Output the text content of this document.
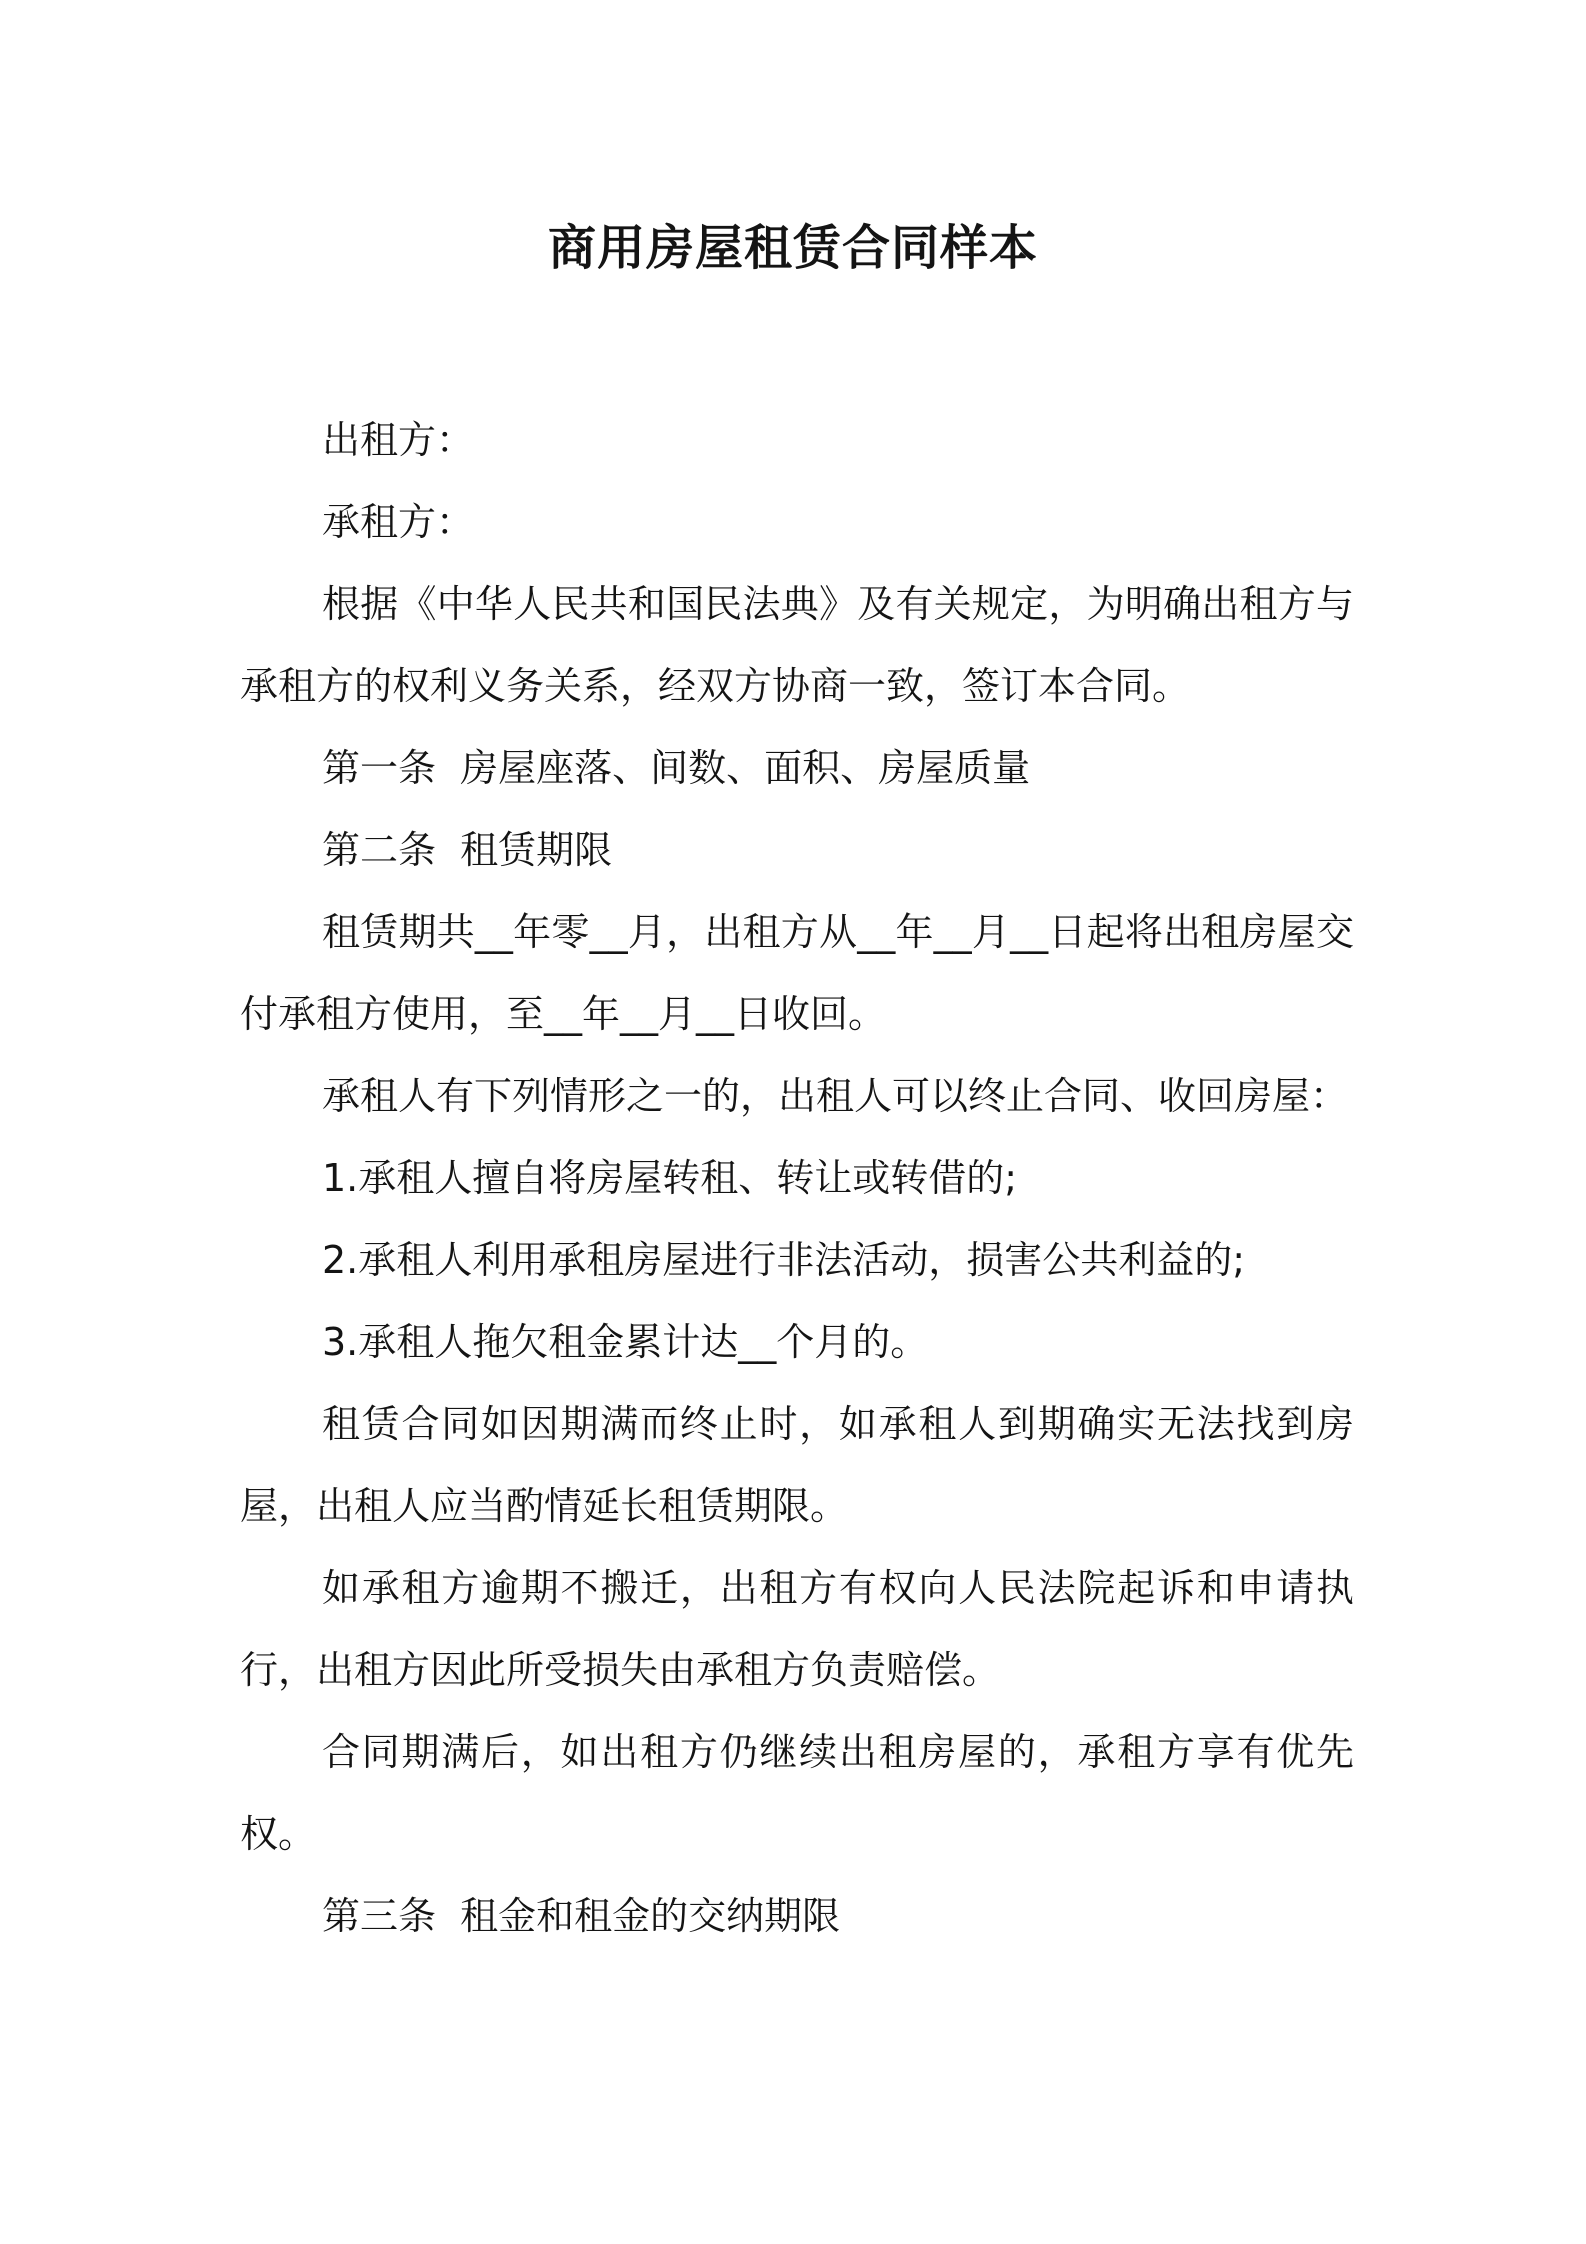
商用房屋租赁合同样本

出租方：

承租方：

根据《中华人民共和国民法典》及有关规定，为明确出租方与承租方的权利义务关系，经双方协商一致，签订本合同。

第一条  房屋座落、间数、面积、房屋质量

第二条  租赁期限

租赁期共__年零__月，出租方从__年__月__日起将出租房屋交付承租方使用，至__年__月__日收回。

承租人有下列情形之一的，出租人可以终止合同、收回房屋：

1.承租人擅自将房屋转租、转让或转借的;

2.承租人利用承租房屋进行非法活动，损害公共利益的;

3.承租人拖欠租金累计达__个月的。

租赁合同如因期满而终止时，如承租人到期确实无法找到房屋，出租人应当酌情延长租赁期限。

如承租方逾期不搬迁，出租方有权向人民法院起诉和申请执行，出租方因此所受损失由承租方负责赔偿。

合同期满后，如出租方仍继续出租房屋的，承租方享有优先权。

第三条  租金和租金的交纳期限
